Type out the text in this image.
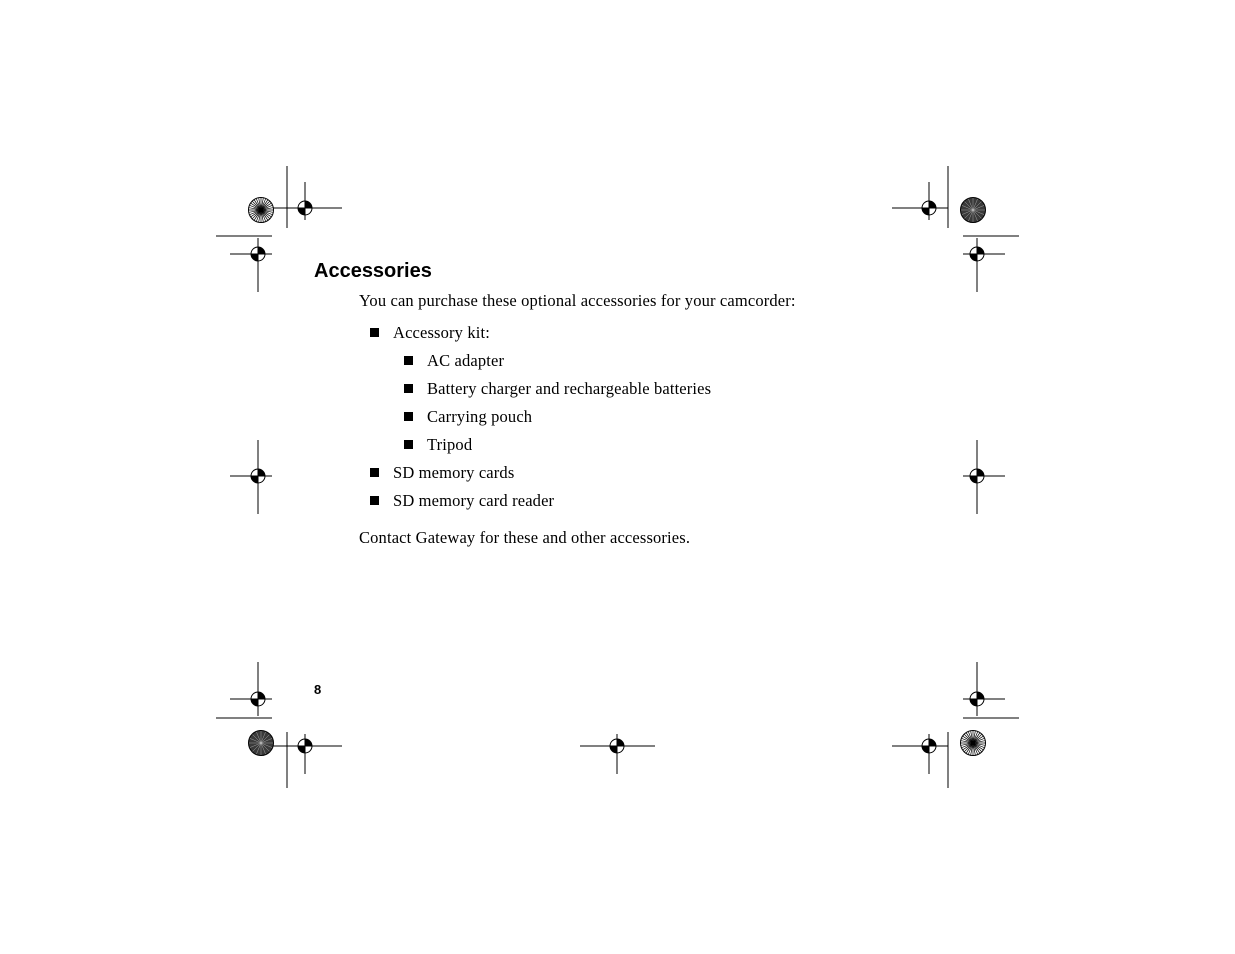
Accessories

You can purchase these optional accessories for your camcorder:

Accessory kit:
AC adapter
Battery charger and rechargeable batteries
Carrying pouch
Tripod
SD memory cards
SD memory card reader

Contact Gateway for these and other accessories.

8
